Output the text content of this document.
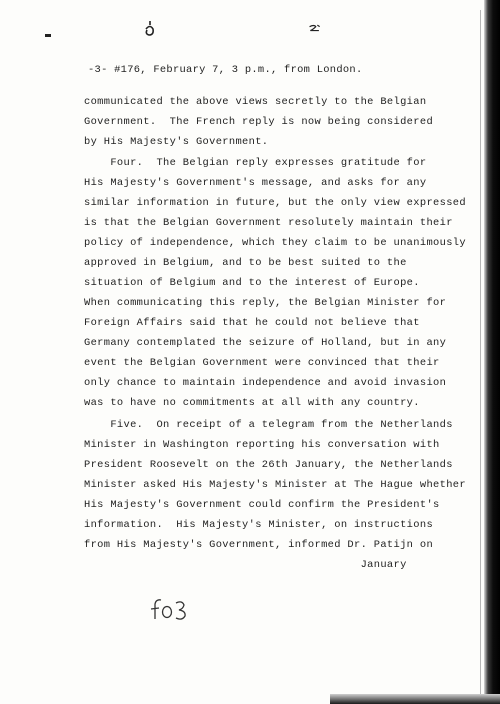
-3- #176, February 7, 3 p.m., from London.
communicated the above views secretly to the Belgian
Government.  The French reply is now being considered
by His Majesty's Government.
Four.  The Belgian reply expresses gratitude for
His Majesty's Government's message, and asks for any
similar information in future, but the only view expressed
is that the Belgian Government resolutely maintain their
policy of independence, which they claim to be unanimously
approved in Belgium, and to be best suited to the
situation of Belgium and to the interest of Europe.
When communicating this reply, the Belgian Minister for
Foreign Affairs said that he could not believe that
Germany contemplated the seizure of Holland, but in any
event the Belgian Government were convinced that their
only chance to maintain independence and avoid invasion
was to have no commitments at all with any country.
Five.  On receipt of a telegram from the Netherlands
Minister in Washington reporting his conversation with
President Roosevelt on the 26th January, the Netherlands
Minister asked His Majesty's Minister at The Hague whether
His Majesty's Government could confirm the President's
information.  His Majesty's Minister, on instructions
from His Majesty's Government, informed Dr. Patijn on
January
